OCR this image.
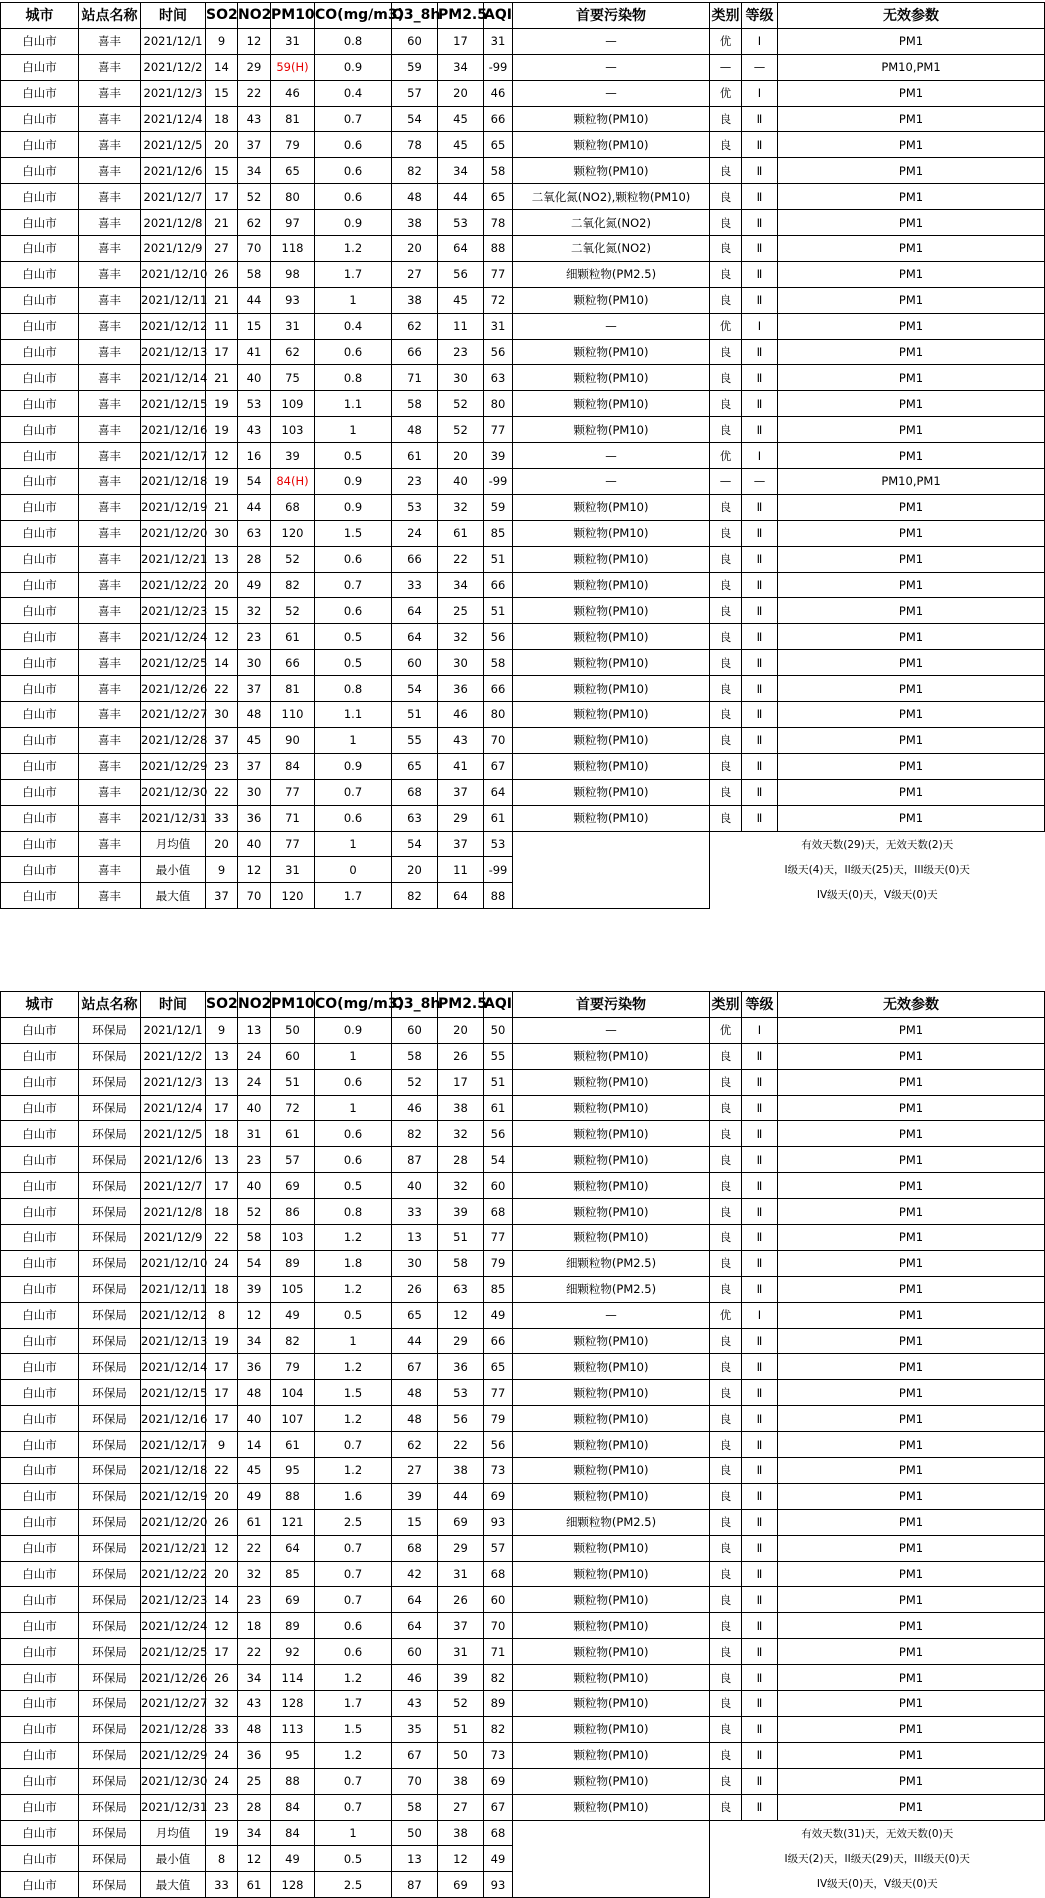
城市	站点名称	时间	SO2	NO2	PM10	CO(mg/m3)	O3_8h	PM2.5	AQI	首要污染物	类别	等级	无效参数
白山市	喜丰	2021/12/1	9	12	31	0.8	60	17	31	—	优	Ⅰ	PM1
白山市	喜丰	2021/12/2	14	29	59(H)	0.9	59	34	-99	—	—	—	PM10,PM1
白山市	喜丰	2021/12/3	15	22	46	0.4	57	20	46	—	优	Ⅰ	PM1
白山市	喜丰	2021/12/4	18	43	81	0.7	54	45	66	颗粒物(PM10)	良	Ⅱ	PM1
白山市	喜丰	2021/12/5	20	37	79	0.6	78	45	65	颗粒物(PM10)	良	Ⅱ	PM1
白山市	喜丰	2021/12/6	15	34	65	0.6	82	34	58	颗粒物(PM10)	良	Ⅱ	PM1
白山市	喜丰	2021/12/7	17	52	80	0.6	48	44	65	二氧化氮(NO2),颗粒物(PM10)	良	Ⅱ	PM1
白山市	喜丰	2021/12/8	21	62	97	0.9	38	53	78	二氧化氮(NO2)	良	Ⅱ	PM1
白山市	喜丰	2021/12/9	27	70	118	1.2	20	64	88	二氧化氮(NO2)	良	Ⅱ	PM1
白山市	喜丰	2021/12/10	26	58	98	1.7	27	56	77	细颗粒物(PM2.5)	良	Ⅱ	PM1
白山市	喜丰	2021/12/11	21	44	93	1	38	45	72	颗粒物(PM10)	良	Ⅱ	PM1
白山市	喜丰	2021/12/12	11	15	31	0.4	62	11	31	—	优	Ⅰ	PM1
白山市	喜丰	2021/12/13	17	41	62	0.6	66	23	56	颗粒物(PM10)	良	Ⅱ	PM1
白山市	喜丰	2021/12/14	21	40	75	0.8	71	30	63	颗粒物(PM10)	良	Ⅱ	PM1
白山市	喜丰	2021/12/15	19	53	109	1.1	58	52	80	颗粒物(PM10)	良	Ⅱ	PM1
白山市	喜丰	2021/12/16	19	43	103	1	48	52	77	颗粒物(PM10)	良	Ⅱ	PM1
白山市	喜丰	2021/12/17	12	16	39	0.5	61	20	39	—	优	Ⅰ	PM1
白山市	喜丰	2021/12/18	19	54	84(H)	0.9	23	40	-99	—	—	—	PM10,PM1
白山市	喜丰	2021/12/19	21	44	68	0.9	53	32	59	颗粒物(PM10)	良	Ⅱ	PM1
白山市	喜丰	2021/12/20	30	63	120	1.5	24	61	85	颗粒物(PM10)	良	Ⅱ	PM1
白山市	喜丰	2021/12/21	13	28	52	0.6	66	22	51	颗粒物(PM10)	良	Ⅱ	PM1
白山市	喜丰	2021/12/22	20	49	82	0.7	33	34	66	颗粒物(PM10)	良	Ⅱ	PM1
白山市	喜丰	2021/12/23	15	32	52	0.6	64	25	51	颗粒物(PM10)	良	Ⅱ	PM1
白山市	喜丰	2021/12/24	12	23	61	0.5	64	32	56	颗粒物(PM10)	良	Ⅱ	PM1
白山市	喜丰	2021/12/25	14	30	66	0.5	60	30	58	颗粒物(PM10)	良	Ⅱ	PM1
白山市	喜丰	2021/12/26	22	37	81	0.8	54	36	66	颗粒物(PM10)	良	Ⅱ	PM1
白山市	喜丰	2021/12/27	30	48	110	1.1	51	46	80	颗粒物(PM10)	良	Ⅱ	PM1
白山市	喜丰	2021/12/28	37	45	90	1	55	43	70	颗粒物(PM10)	良	Ⅱ	PM1
白山市	喜丰	2021/12/29	23	37	84	0.9	65	41	67	颗粒物(PM10)	良	Ⅱ	PM1
白山市	喜丰	2021/12/30	22	30	77	0.7	68	37	64	颗粒物(PM10)	良	Ⅱ	PM1
白山市	喜丰	2021/12/31	33	36	71	0.6	63	29	61	颗粒物(PM10)	良	Ⅱ	PM1
白山市	喜丰	月均值	20	40	77	1	54	37	53		有效天数(29)天，无效天数(2)天
I级天(4)天，II级天(25)天，III级天(0)天
IV级天(0)天，V级天(0)天		

白山市	喜丰	最小值	9	12	31	0	20	11	-99				
白山市	喜丰	最大值	37	70	120	1.7	82	64	88				
城市	站点名称	时间	SO2	NO2	PM10	CO(mg/m3)	O3_8h	PM2.5	AQI	首要污染物	类别	等级	无效参数
白山市	环保局	2021/12/1	9	13	50	0.9	60	20	50	—	优	Ⅰ	PM1
白山市	环保局	2021/12/2	13	24	60	1	58	26	55	颗粒物(PM10)	良	Ⅱ	PM1
白山市	环保局	2021/12/3	13	24	51	0.6	52	17	51	颗粒物(PM10)	良	Ⅱ	PM1
白山市	环保局	2021/12/4	17	40	72	1	46	38	61	颗粒物(PM10)	良	Ⅱ	PM1
白山市	环保局	2021/12/5	18	31	61	0.6	82	32	56	颗粒物(PM10)	良	Ⅱ	PM1
白山市	环保局	2021/12/6	13	23	57	0.6	87	28	54	颗粒物(PM10)	良	Ⅱ	PM1
白山市	环保局	2021/12/7	17	40	69	0.5	40	32	60	颗粒物(PM10)	良	Ⅱ	PM1
白山市	环保局	2021/12/8	18	52	86	0.8	33	39	68	颗粒物(PM10)	良	Ⅱ	PM1
白山市	环保局	2021/12/9	22	58	103	1.2	13	51	77	颗粒物(PM10)	良	Ⅱ	PM1
白山市	环保局	2021/12/10	24	54	89	1.8	30	58	79	细颗粒物(PM2.5)	良	Ⅱ	PM1
白山市	环保局	2021/12/11	18	39	105	1.2	26	63	85	细颗粒物(PM2.5)	良	Ⅱ	PM1
白山市	环保局	2021/12/12	8	12	49	0.5	65	12	49	—	优	Ⅰ	PM1
白山市	环保局	2021/12/13	19	34	82	1	44	29	66	颗粒物(PM10)	良	Ⅱ	PM1
白山市	环保局	2021/12/14	17	36	79	1.2	67	36	65	颗粒物(PM10)	良	Ⅱ	PM1
白山市	环保局	2021/12/15	17	48	104	1.5	48	53	77	颗粒物(PM10)	良	Ⅱ	PM1
白山市	环保局	2021/12/16	17	40	107	1.2	48	56	79	颗粒物(PM10)	良	Ⅱ	PM1
白山市	环保局	2021/12/17	9	14	61	0.7	62	22	56	颗粒物(PM10)	良	Ⅱ	PM1
白山市	环保局	2021/12/18	22	45	95	1.2	27	38	73	颗粒物(PM10)	良	Ⅱ	PM1
白山市	环保局	2021/12/19	20	49	88	1.6	39	44	69	颗粒物(PM10)	良	Ⅱ	PM1
白山市	环保局	2021/12/20	26	61	121	2.5	15	69	93	细颗粒物(PM2.5)	良	Ⅱ	PM1
白山市	环保局	2021/12/21	12	22	64	0.7	68	29	57	颗粒物(PM10)	良	Ⅱ	PM1
白山市	环保局	2021/12/22	20	32	85	0.7	42	31	68	颗粒物(PM10)	良	Ⅱ	PM1
白山市	环保局	2021/12/23	14	23	69	0.7	64	26	60	颗粒物(PM10)	良	Ⅱ	PM1
白山市	环保局	2021/12/24	12	18	89	0.6	64	37	70	颗粒物(PM10)	良	Ⅱ	PM1
白山市	环保局	2021/12/25	17	22	92	0.6	60	31	71	颗粒物(PM10)	良	Ⅱ	PM1
白山市	环保局	2021/12/26	26	34	114	1.2	46	39	82	颗粒物(PM10)	良	Ⅱ	PM1
白山市	环保局	2021/12/27	32	43	128	1.7	43	52	89	颗粒物(PM10)	良	Ⅱ	PM1
白山市	环保局	2021/12/28	33	48	113	1.5	35	51	82	颗粒物(PM10)	良	Ⅱ	PM1
白山市	环保局	2021/12/29	24	36	95	1.2	67	50	73	颗粒物(PM10)	良	Ⅱ	PM1
白山市	环保局	2021/12/30	24	25	88	0.7	70	38	69	颗粒物(PM10)	良	Ⅱ	PM1
白山市	环保局	2021/12/31	23	28	84	0.7	58	27	67	颗粒物(PM10)	良	Ⅱ	PM1
白山市	环保局	月均值	19	34	84	1	50	38	68		有效天数(31)天，无效天数(0)天
I级天(2)天，II级天(29)天，III级天(0)天
IV级天(0)天，V级天(0)天		

白山市	环保局	最小值	8	12	49	0.5	13	12	49				
白山市	环保局	最大值	33	61	128	2.5	87	69	93				
